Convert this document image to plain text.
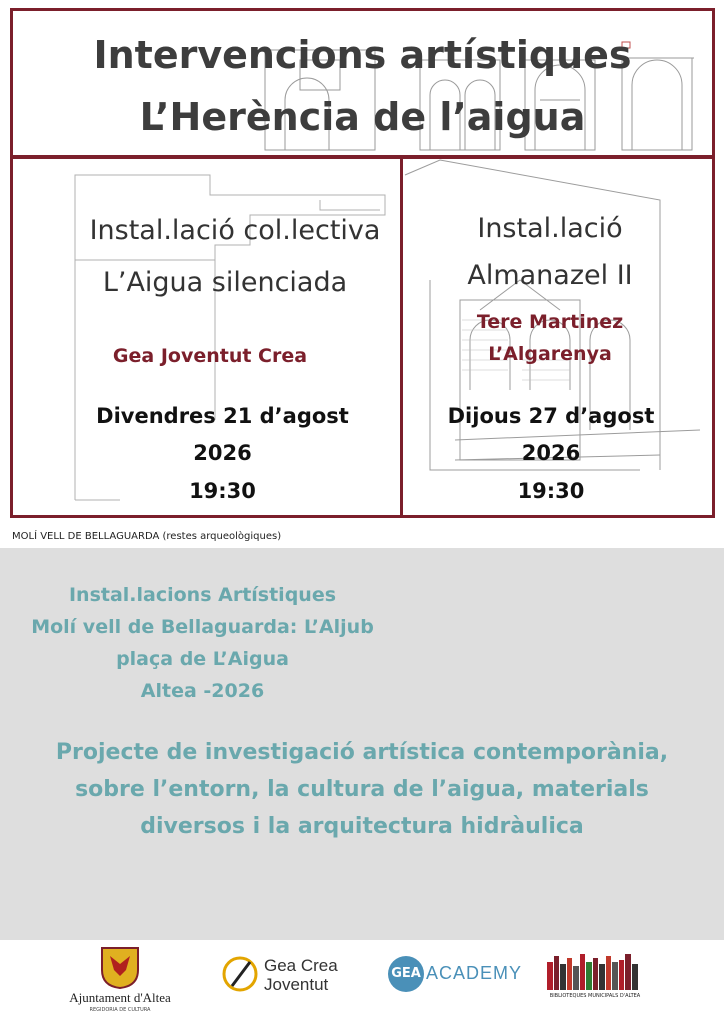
Intervencions artístiques
L’Herència de l’aigua
Instal.lació col.lectiva
L’Aigua silenciada
Gea Joventut Crea
Divendres 21 d’agost
2026
19:30
Instal.lació
Almanazel II
Tere Martinez
L’Algarenya
Dijous 27 d’agost
2026
19:30
MOLÍ VELL DE BELLAGUARDA (restes arqueològiques)
Instal.lacions Artístiques
Molí vell de Bellaguarda: L’Aljub
plaça de L’Aigua
Altea -2026
Projecte de investigació artística contemporània,
sobre l’entorn, la cultura de l’aigua, materials
diversos i la arquitectura hidràulica
Ajuntament d'Altea
REGIDORIA DE CULTURA
Gea Crea
Joventut
GEA ACADEMY
BIBLIOTEQUES MUNICIPALS D'ALTEA
